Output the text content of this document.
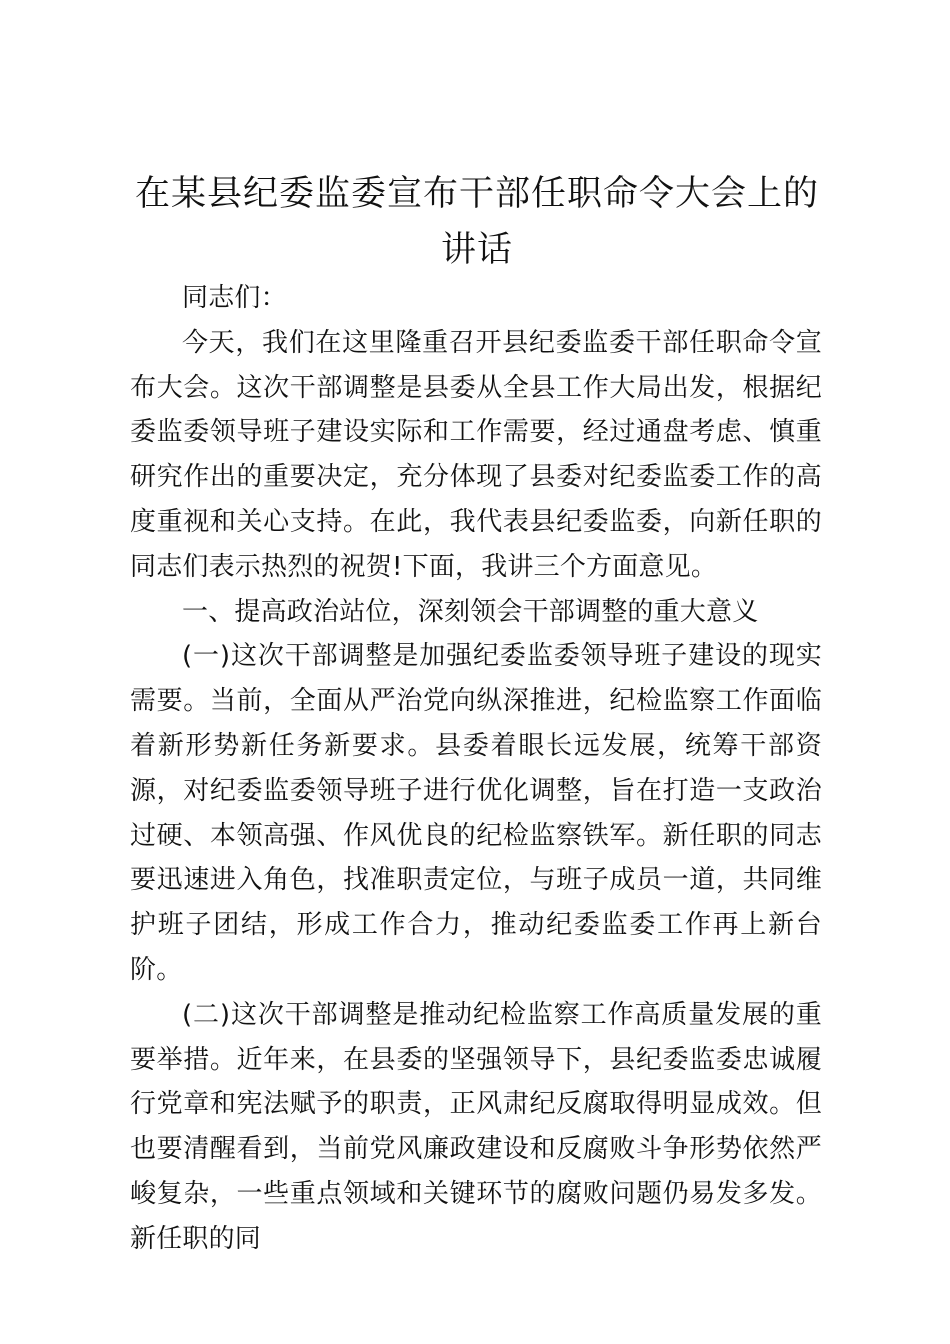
在某县纪委监委宣布干部任职命令大会上的讲话

同志们：

今天，我们在这里隆重召开县纪委监委干部任职命令宣布大会。这次干部调整是县委从全县工作大局出发，根据纪委监委领导班子建设实际和工作需要，经过通盘考虑、慎重研究作出的重要决定，充分体现了县委对纪委监委工作的高度重视和关心支持。在此，我代表县纪委监委，向新任职的同志们表示热烈的祝贺!下面，我讲三个方面意见。

一、提高政治站位，深刻领会干部调整的重大意义

(一)这次干部调整是加强纪委监委领导班子建设的现实需要。当前，全面从严治党向纵深推进，纪检监察工作面临着新形势新任务新要求。县委着眼长远发展，统筹干部资源，对纪委监委领导班子进行优化调整，旨在打造一支政治过硬、本领高强、作风优良的纪检监察铁军。新任职的同志要迅速进入角色，找准职责定位，与班子成员一道，共同维护班子团结，形成工作合力，推动纪委监委工作再上新台阶。

(二)这次干部调整是推动纪检监察工作高质量发展的重要举措。近年来，在县委的坚强领导下，县纪委监委忠诚履行党章和宪法赋予的职责，正风肃纪反腐取得明显成效。但也要清醒看到，当前党风廉政建设和反腐败斗争形势依然严峻复杂，一些重点领域和关键环节的腐败问题仍易发多发。新任职的同
